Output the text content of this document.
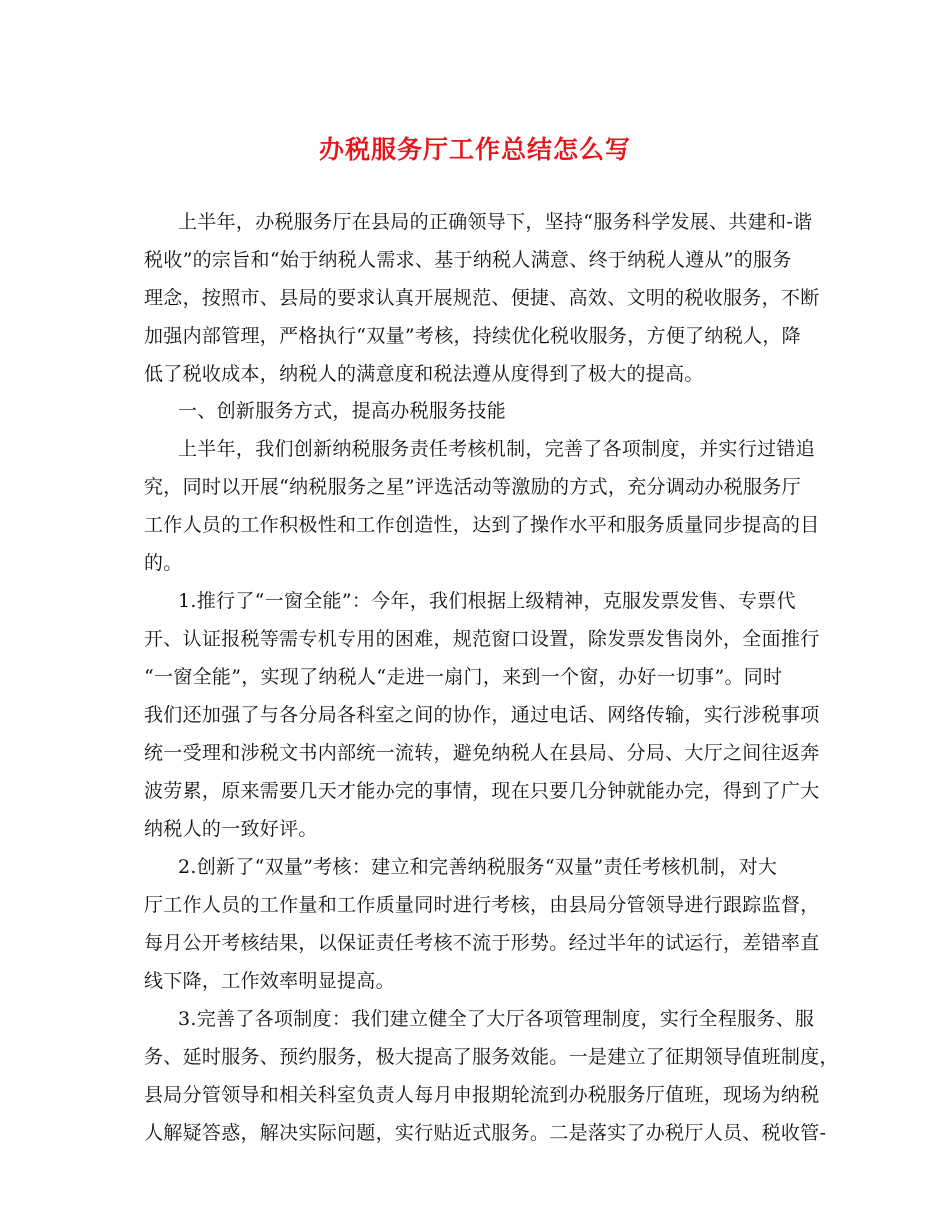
办税服务厅工作总结怎么写
上半年，办税服务厅在县局的正确领导下，坚持“服务科学发展、共建和-谐
税收”的宗旨和“始于纳税人需求、基于纳税人满意、终于纳税人遵从”的服务
理念，按照市、县局的要求认真开展规范、便捷、高效、文明的税收服务，不断
加强内部管理，严格执行“双量”考核，持续优化税收服务，方便了纳税人，降
低了税收成本，纳税人的满意度和税法遵从度得到了极大的提高。
一、创新服务方式，提高办税服务技能
上半年，我们创新纳税服务责任考核机制，完善了各项制度，并实行过错追
究，同时以开展“纳税服务之星”评选活动等激励的方式，充分调动办税服务厅
工作人员的工作积极性和工作创造性，达到了操作水平和服务质量同步提高的目
的。
1.推行了“一窗全能”：今年，我们根据上级精神，克服发票发售、专票代
开、认证报税等需专机专用的困难，规范窗口设置，除发票发售岗外，全面推行
“一窗全能”，实现了纳税人“走进一扇门，来到一个窗，办好一切事”。同时
我们还加强了与各分局各科室之间的协作，通过电话、网络传输，实行涉税事项
统一受理和涉税文书内部统一流转，避免纳税人在县局、分局、大厅之间往返奔
波劳累，原来需要几天才能办完的事情，现在只要几分钟就能办完，得到了广大
纳税人的一致好评。
2.创新了“双量”考核：建立和完善纳税服务“双量”责任考核机制，对大
厅工作人员的工作量和工作质量同时进行考核，由县局分管领导进行跟踪监督，
每月公开考核结果，以保证责任考核不流于形势。经过半年的试运行，差错率直
线下降，工作效率明显提高。
3.完善了各项制度：我们建立健全了大厅各项管理制度，实行全程服务、服
务、延时服务、预约服务，极大提高了服务效能。一是建立了征期领导值班制度，
县局分管领导和相关科室负责人每月申报期轮流到办税服务厅值班，现场为纳税
人解疑答惑，解决实际问题，实行贴近式服务。二是落实了办税厅人员、税收管-
